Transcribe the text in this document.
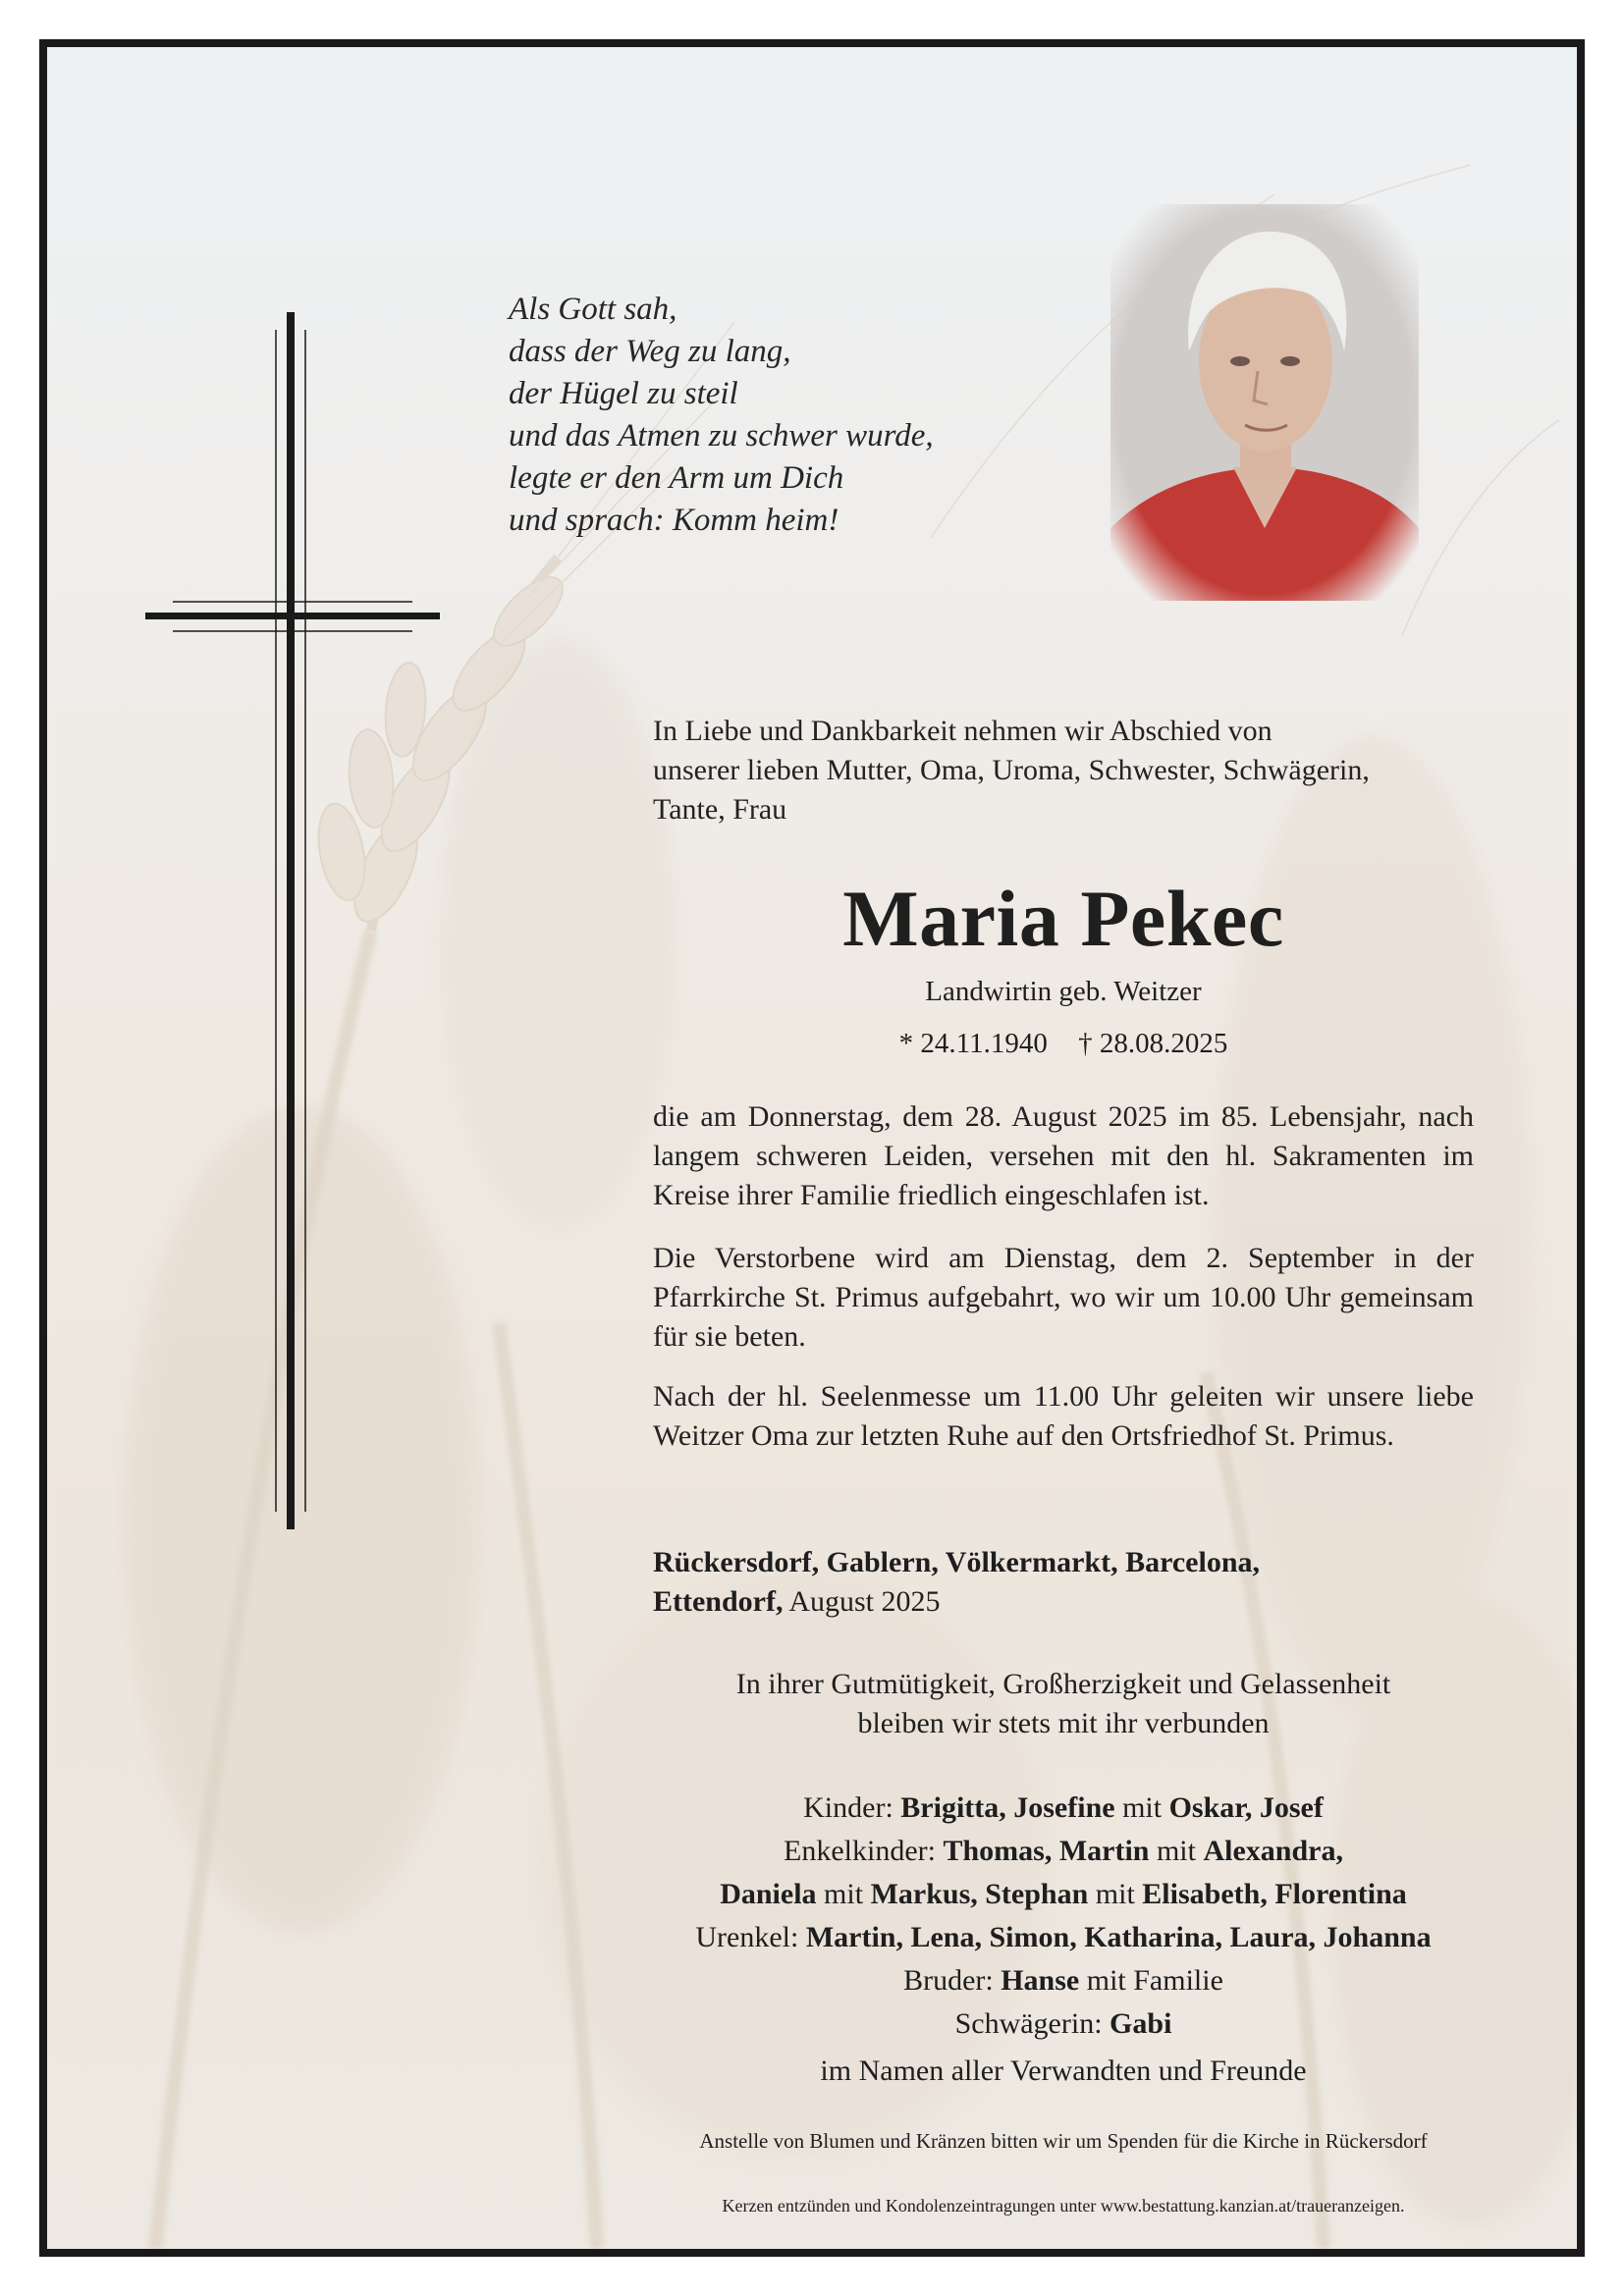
Als Gott sah,
dass der Weg zu lang,
der Hügel zu steil
und das Atmen zu schwer wurde,
legte er den Arm um Dich
und sprach: Komm heim!
In Liebe und Dankbarkeit nehmen wir Abschied von
unserer lieben Mutter, Oma, Uroma, Schwester, Schwägerin,
Tante, Frau
Maria Pekec
Landwirtin geb. Weitzer
* 24.11.1940 † 28.08.2025
die am Donnerstag, dem 28. August 2025 im 85. Lebensjahr, nach langem schweren Leiden, versehen mit den hl. Sakramenten im Kreise ihrer Familie friedlich eingeschlafen ist.
Die Verstorbene wird am Dienstag, dem 2. September in der Pfarrkirche St. Primus aufgebahrt, wo wir um 10.00 Uhr gemeinsam für sie beten.
Nach der hl. Seelenmesse um 11.00 Uhr geleiten wir unsere liebe Weitzer Oma zur letzten Ruhe auf den Ortsfriedhof St. Primus.
Rückersdorf, Gablern, Völkermarkt, Barcelona,
Ettendorf, August 2025
In ihrer Gutmütigkeit, Großherzigkeit und Gelassenheit
bleiben wir stets mit ihr verbunden
Kinder: Brigitta, Josefine mit Oskar, Josef
Enkelkinder: Thomas, Martin mit Alexandra,
Daniela mit Markus, Stephan mit Elisabeth, Florentina
Urenkel: Martin, Lena, Simon, Katharina, Laura, Johanna
Bruder: Hanse mit Familie
Schwägerin: Gabi
im Namen aller Verwandten und Freunde
Anstelle von Blumen und Kränzen bitten wir um Spenden für die Kirche in Rückersdorf
Kerzen entzünden und Kondolenzeintragungen unter www.bestattung.kanzian.at/traueranzeigen.
